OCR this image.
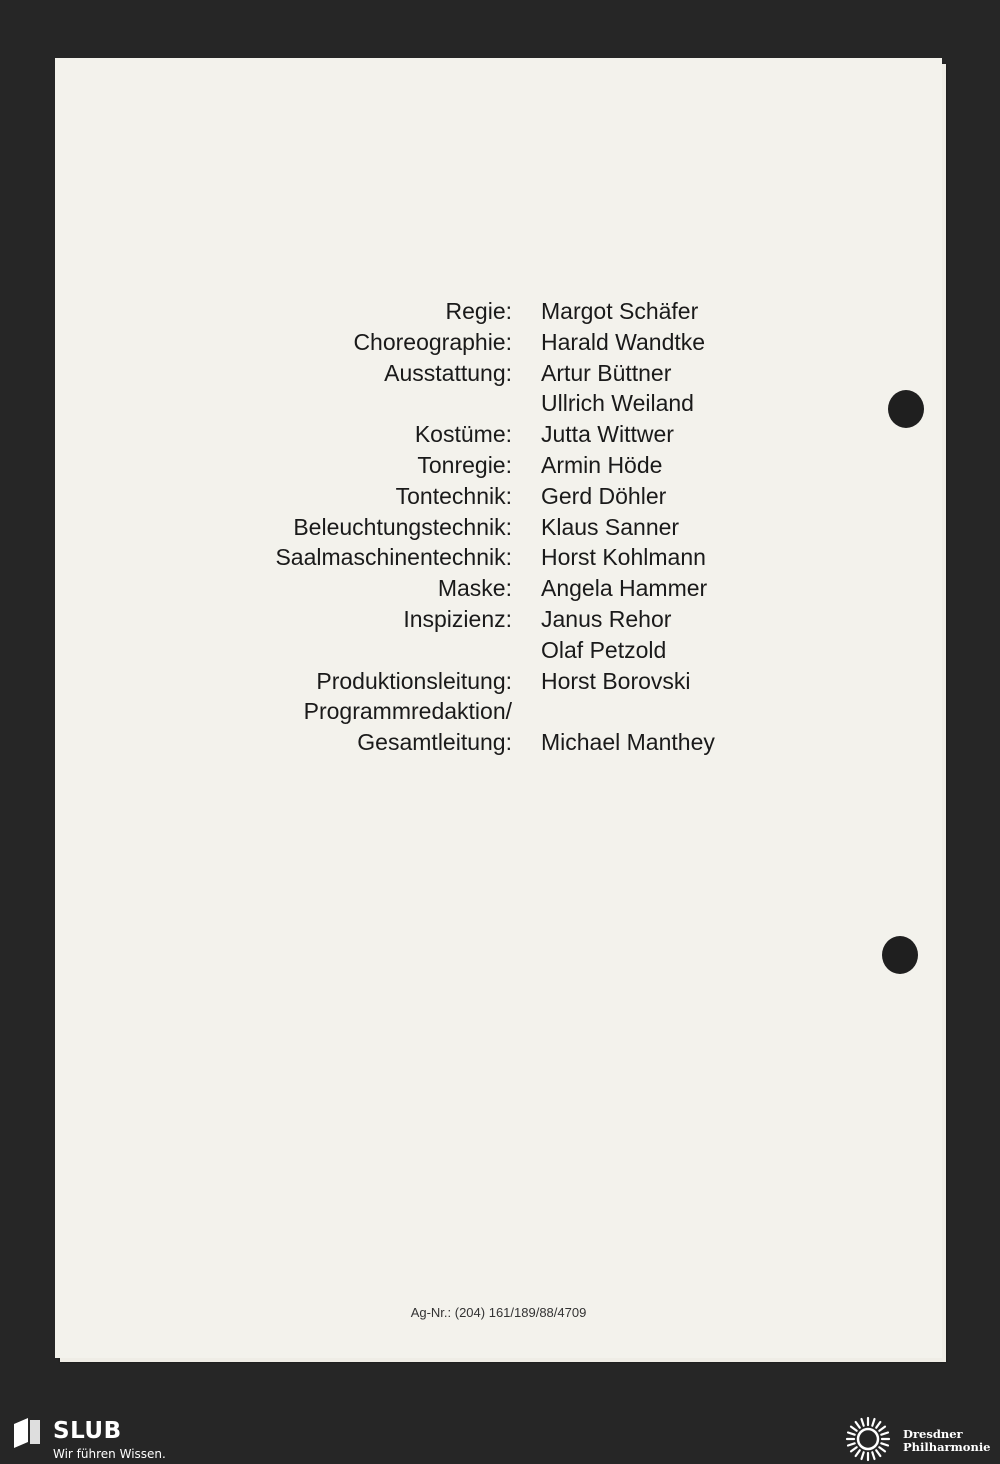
Regie: Margot Schäfer
Choreographie: Harald Wandtke
Ausstattung: Artur Büttner
Ullrich Weiland
Kostüme: Jutta Wittwer
Tonregie: Armin Höde
Tontechnik: Gerd Döhler
Beleuchtungstechnik: Klaus Sanner
Saalmaschinentechnik: Horst Kohlmann
Maske: Angela Hammer
Inspizienz: Janus Rehor
Olaf Petzold
Produktionsleitung: Horst Borovski
Programmredaktion/
Gesamtleitung: Michael Manthey
Ag-Nr.: (204) 161/189/88/4709
SLUB
Wir führen Wissen.
Dresdner
Philharmonie
